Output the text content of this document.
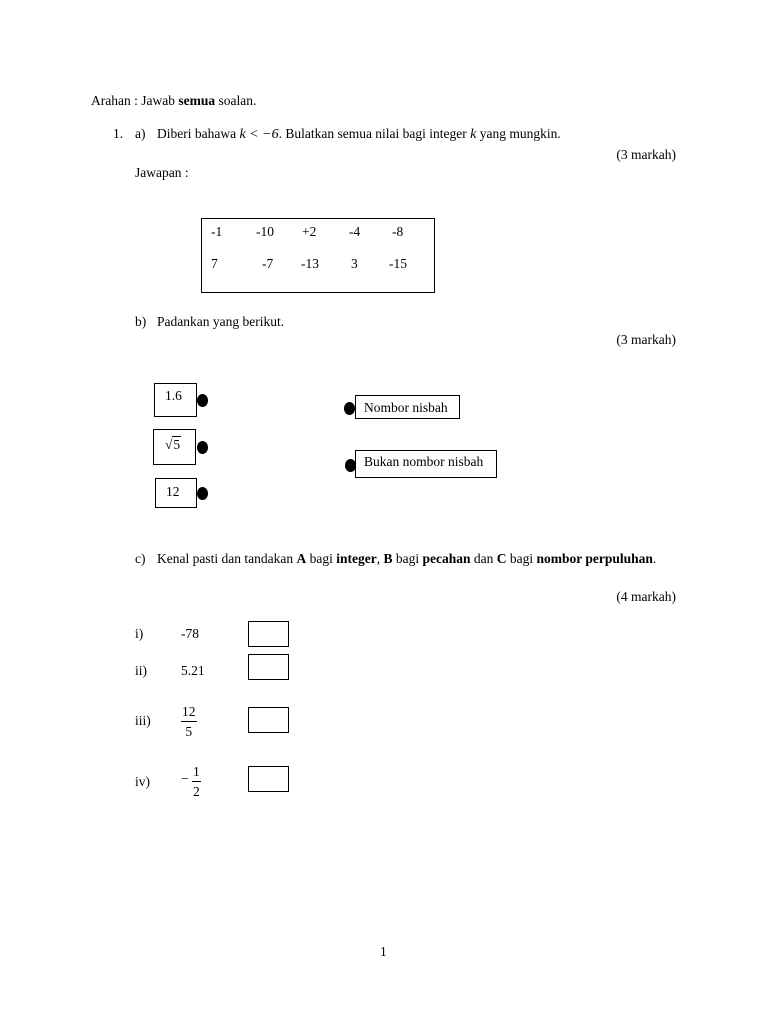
Arahan : Jawab semua soalan.
1. a) Diberi bahawa k < −6. Bulatkan semua nilai bagi integer k yang mungkin.
(3 markah)
Jawapan :
-1	-10 +2 -4 -8
7	-7 -13 3 -15
b) Padankan yang berikut.
(3 markah)
1.6
√5
12
Nombor nisbah
Bukan nombor nisbah
c) Kenal pasti dan tandakan A bagi integer, B bagi pecahan dan C bagi nombor perpuluhan.
(4 markah)
i)	-78
ii)	5.21
$iii) \frac{12}{5}$
$iv) - \frac{1}{2}$
1
